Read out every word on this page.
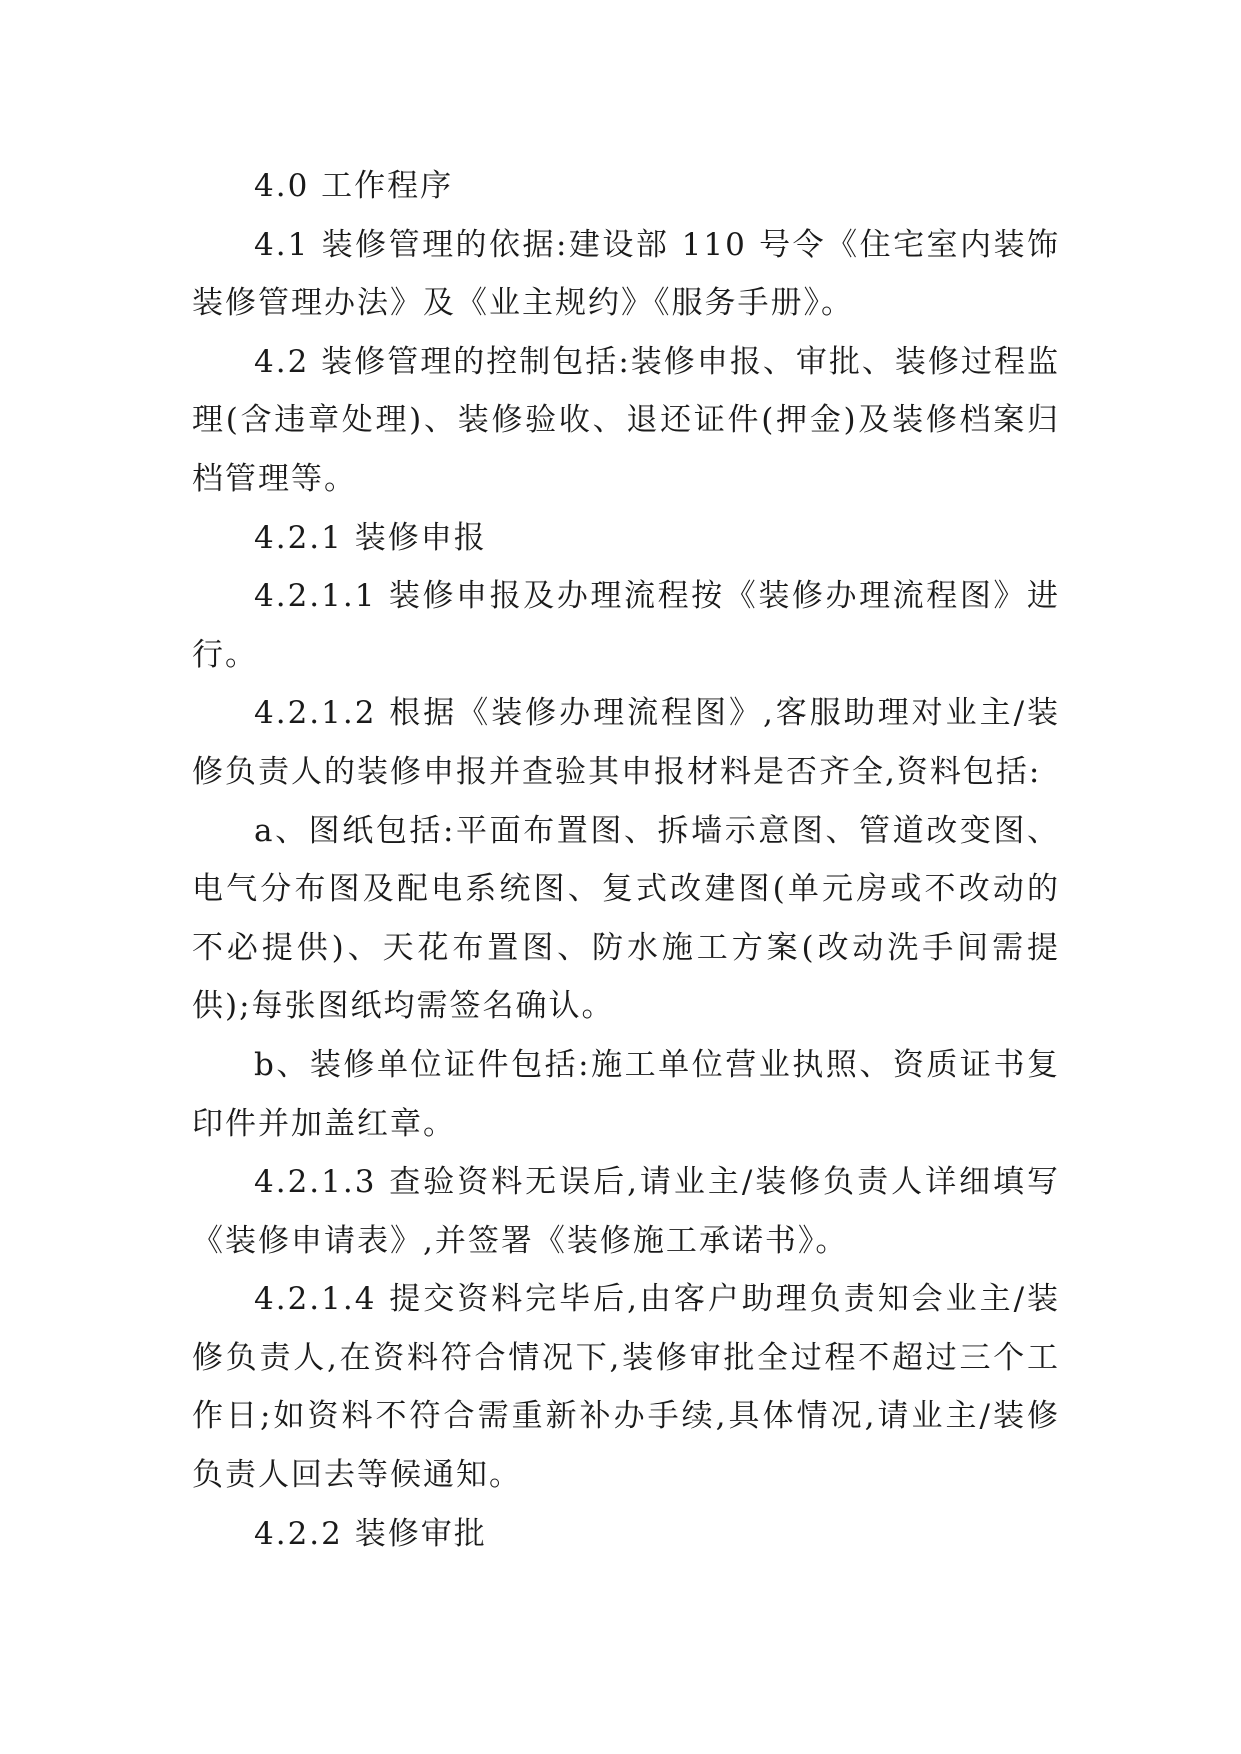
4.0 工作程序

4.1 装修管理的依据:建设部 110 号令《住宅室内装饰装修管理办法》及《业主规约》《服务手册》。

4.2 装修管理的控制包括:装修申报、审批、装修过程监理(含违章处理)、装修验收、退还证件(押金)及装修档案归档管理等。

4.2.1 装修申报

4.2.1.1 装修申报及办理流程按《装修办理流程图》进行。

4.2.1.2 根据《装修办理流程图》,客服助理对业主/装修负责人的装修申报并查验其申报材料是否齐全,资料包括:

a、图纸包括:平面布置图、拆墙示意图、管道改变图、电气分布图及配电系统图、复式改建图(单元房或不改动的不必提供)、天花布置图、防水施工方案(改动洗手间需提供);每张图纸均需签名确认。

b、装修单位证件包括:施工单位营业执照、资质证书复印件并加盖红章。

4.2.1.3 查验资料无误后,请业主/装修负责人详细填写《装修申请表》,并签署《装修施工承诺书》。

4.2.1.4 提交资料完毕后,由客户助理负责知会业主/装修负责人,在资料符合情况下,装修审批全过程不超过三个工作日;如资料不符合需重新补办手续,具体情况,请业主/装修负责人回去等候通知。

4.2.2 装修审批
